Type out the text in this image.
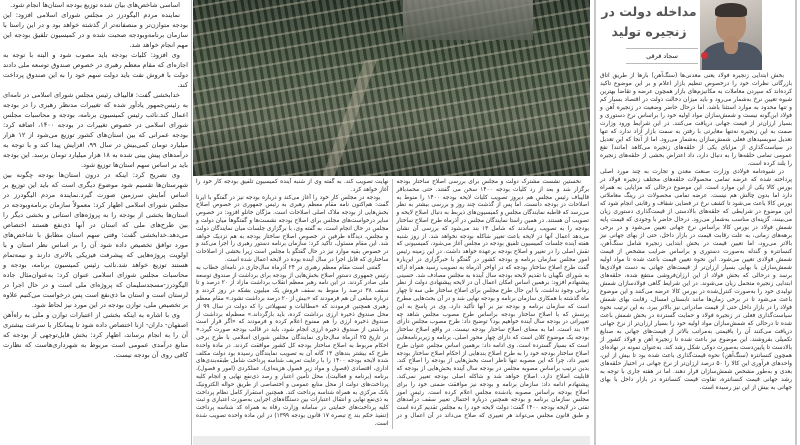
اساسی شاخص‌های بیان شده توزیع بودجه استان‌ها انجام شود.

نماینده مردم الیگودرز در مجلس شورای اسلامی افزود: این بودجه متوازن‌تر و منصفانه‌تر از گذشته خواهد بود و در این راستا با سازمان برنامه‌وبودجه صحبت شده و در کمیسیون تلفیق بودجه این مهم انجام خواهد شد.

وی افزود: کلیات بودجه باید مصوب شود و البته با توجه به اجازه‌ای که مقام معظم رهبری در خصوص صندوق توسعه ملی دادند دولت با فروش نفت باید دولت سهم خود را به این صندوق پرداخت کند.

خدابخشی گفت: قالیباف رئیس مجلس شورای اسلامی در نامه‌ای به رئیس‌جمهور یادآور شده که تغییرات مدنظر رهبری را در بودجه اعمال کند.نائب رئیس کمیسیون برنامه، بودجه و محاسبات مجلس شورای اسلامی در خصوص تغییرات در بودجه ۱۴۰۰، اضافه کرد: بودجه عمرانی که بین استان‌های کشور توزیع می‌شود از ۱۲ هزار میلیارد تومان کمی‌بیش در سال ۹۹، افزایش پیدا کند و با توجه به درآمدهای پیش بینی شده به ۱۸ هزار میلیارد تومان برسد. این بودجه باید بر اساس سهم استان‌ها توزیع شود.

وی تصریح کرد: اینکه در درون استان‌ها بودجه چگونه بین شهرستان‌ها تقسیم شود موضوع دیگری است که باید این توزیع بر اساس آمایش سرزمین صورت گیرد.نماینده مردم الیگودرز در مجلس شورای اسلامی اظهار کرد: معمولاً سازمان برنامه‌وبودجه در استان‌ها بخشی از بودجه را به پروژه‌های استانی و بخشی دیگر را بین طرح‌های ملی که استان در آنها ذی‌نفع هستند اختصاص می‌دهد.خدابخشی گفت: وقتی سهم استان مطابق با شاخص‌های مورد توافق تخصیص داده شود آن را بر اساس نظر استان و با اولویت پروژه‌هایی که پیشرفت فیزیکی بالاتری دارند و نیمه‌تمام هستند توزیع خواهد شد.نائب رئیس کمیسیون برنامه، بودجه و محاسبات مجلس شورای اسلامی عنوان کرد: به‌عنوان‌مثال جاده الیگودرز-مسجدسلیمان که پروژه‌ای ملی است و در حال اجرا در لرستان است و استان ما ذی‌نفع است پس درخواست می‌کنیم علاوه بر تخصیص ملی، توازن بودجه در این مورد نیز لحاظ شود.

وی با اشاره به اینکه بخشی از اعتبارات توازن و ملی به راه‌آهن اصفهان- داران- ازنا اختصاص داده شود تا پیمانکار با سرعت بیشتری آن را به انجام برساند، اظهار کرد: بخش قابل‌توجهی از بودجه که منابع درآمدی عمومی است مربوط به شهرداری‌هاست که نظارت کافی روی آن بودجه نیست.

نخستین نشست مشترک دولت و مجلس برای بررسی اصلاح ساختار بودجه برگزار شد و بعد از رد کلیات بودجه ۱۴۰۰ سخن می گفتند. حتی محمدباقر قالیباف رئیس مجلس هم دیروز تصویب کلیات لایحه بودجه ۱۴۰۰ را منوط به اصلاحات در بودجه دانست. اما پس از گذشت چند روز و بررسی بیشتر به نظر می‌رسد که قاطبه نمایندگان مجلس و کمیسیون‌های ذیربط به دنبال اصلاح لایحه و تصویب آن هستند. در همین راستا نمایندگان مجلس در آذرماه طرح اصلاح ساختار بودجه را به تصویب رساندند که شامل ۱۳ بند می‌شود که بررسی آن نشان می‌دهد اعمال آنها در لایحه باعث تغییر شاکله بودجه نخواهد شد. از روز شنبه هفته آینده جلسات کمیسیون تلفیق بودجه در مجلس آغاز می‌شود، کمیسیونی که نقش اصلی را در تغییر و اصلاح بودجه برعهده خواهد داشت. در این زمینه رئیس امور مجلس سازمان برنامه و بودجه کشور در گفتگو با خبرگزاری در این‌باره گفت طرح اصلاح ساختار بودجه که در اواخر آذرماه به تصویب رسید همراه ارائه به شورای نگهبان با تقدیم لایحه بودجه سال آینده به مجلس مصادف شد. حسینی پیشنهادم افزود: برهمین اساس امکان اعمال آن در لایحه پیشنهادی دولت از نظر زمانی وجود نداشت. با این حال طرح مجلس برای اصلاح ساختار طی سه تا چهار ماه گذشته با همکاری سازمان برنامه و بودجه نهایی شد و در آن بحث‌هایی مطرح است که سازمان برنامه و بودجه نیز بر آنها تأکید دارد. وی در پاسخ به این پرسش که با اصلاح ساختار بودجه براساس طرح مصوب مجلس شاهد چه تغییراتی در بودجه سال آینده خواهیم بود؟ توضیح داد: طرح مصوب مجلس دارای ۱۳ بند است، اما به معنای اصلاح ساختار بودجه نیست. در واقع اصلاح ساختار بودجه یک موضوع کلان است که دارای چهار محور اصلی، برنامه و زیربرنامه‌هایی است که بسیار گسترده است. وی ادامه داد: برهمین اساس مجلس عنوان طرح اصلاح ساختار بودجه خود را به طرح اصلاح بندهایی از احکام اصلاح ساختار بودجه تغییر داد، چرا که این مصوبه تنها ناظر است بخش‌هایی از بودجه را اصلاح کند. بدین ترتیب براساس مصوبه مجلس در بودجه سال آینده بخش‌هایی از بودجه که قابلیت اصلاح دارد، اصلاح خواهد شد و شاکله اصلی بودجه تغییر نمی‌کند. پیشنهادم ادامه داد: سازمان برنامه و بودجه نیز موافقت ضمنی خود را برای اصلاح بودجه براساس مصوبه یادشده مجلس اعلام کرده است. رئیس امور مجلس سازمان برنامه و بودجه همچنین درباره احتمال تغییر سقف درآمدهای نفتی در لایحه بودجه ۱۴۰۰ گفت: دولت لایحه خود را به مجلس تقدیم کرده است و طبق قانون مجلس می‌تواند هر تغییری که صلاح می‌داند در آن اعمال و در نهایت تصویب کند. به گفته وی از شنبه آینده کمیسیون تلفیق بودجه کار خود را آغاز خواهد کرد.

بودجه در مجلس کار خود را آغاز می‌کند و درباره بودجه نیز در گفتگو با ایرنا گفت: هم‌اکنون نامه مقام معظم رهبری به رئیس جمهوری در خصوص اصلاح بخش‌هایی از بودجه ملاک اصلی اصلاحات است. مژگان خانلو افزود: در خصوص سایر درخواست‌های مجلس برای اصلاح بودجه نشست‌ها و گفتگوها میان دولت و مجلس در حال انجام است. به گفته وی، با برگزاری جلسات میان نمایندگان دولت و مجلس، دیدگاه طرفین در خصوص اصلاح ساختار بودجه به هم نزدیک خواهد شد. این مقام مسئول، تأکید کرد: سازمان برنامه دستور رهبری را اجرا می‌کند و در خصوص بقیه موارد نیز در حال گفتگو با مجلس است زیرا بخشی از اصلاحات ساختاری که قابل اجرا در سال آینده بوده در لایحه اعمال شده است.

گفتنی است مقام معظم رهبری در ۲۴ آذرماه سال‌جاری در نامه‌ای خطاب به رئیس جمهوری دستور اصلاح بخش‌هایی از بودجه برای برداشت از صندوق توسعه ملی صادر کردند. در این نامه رهبر معظم انقلاب برداشت مازاد از ۲۰ درصد و تا سقف ۳۸ درصد را منوط به سقف فروش یک میلیون بشکه در روز کردند و درباره مبلغی آن هم فرمودند که «بیش از ۲۰ درصد برداشت نشود.» مقام معظم رهبری همچنین فرمودند که «مطالبات و تسهیلاتی را که دولت در سال ۹۹ از محل صندوق ذخیره ارزی برداشت کرده، باید بازگرداند.» معظم‌له برداشت از صندوق ذخیره ارزی را هم ممنوع اعلام کرده و فرمودند که «اگر قرار است برداشتی از صندوق ذخیره ارزی انجام شود، باید در قالب بودجه صورت گیرد.» در تاریخ ۲۵ آذرماه سال‌جاری نمایندگان مجلس شورای اسلامی با طرح برخی احکام مربوط به اصلاح ساختار بودجه کل کشور موافقت کردند. در ماده واحده طرح که بیشتر بندهای ۱۳ گانه آن به تصویب نمایندگان رسیده بود دولت مکلف شده لایحه بودجه ۱۴۰۰ را با رعایت تعریف شناسه پرداخت شامل طبقه‌بندی‌های اداری، اقتصادی (فصول و مواد زیر فصول هزینه‌ای)، عملکردی (امور و فصول)، برنامه (برنامه و فعالیت)، محل تأمین اعتبار و رصد ذی‌نفع نهایی و انجام کلیه پرداخت‌های دولت از محل منابع عمومی و اختصاصی از طریق حواله الکترونیک بانک مرکزی به همراه شناسه پرداخت کند. همچنین استقرار کامل نظام پرداخت به ذی‌نفع نهایی و انتقال اعتبارات بین دستگاه‌های اجرایی به‌صورت اعتباری و ثبت کلیه پرداخت‌های حمایتی در سامانه وزارت رفاه به همراه کد شناسه پرداخت (تنفیذ حکم بند ج تبصره ۱۷ قانون بودجه ۱۳۹۹) در این ماده واحده تصویب شده است.

مداخله دولت در زنجیره تولید
سجاد قرقی

بخش ابتدایی زنجیره فولاد یعنی معدنی‌ها (سنگ‌آهن) بارها از طریق اتاق بازرگانی نظرات خود را درخصوص تنظیم بازار اعلام و بر این موضوع تاکید کرده‌اند که سپردن معاملات به مکانیزم‌های بازار همچون عرضه و تقاضا بهترین شیوه تعیین نرخ به‌شمار می‌رود و باید میزان دخالت دولت در اقتصاد بسیار کم و تنها محدود به موارد استثنا باشد. اما درحال حاضر وضعیت در زنجیره آهن و فولاد این‌گونه نیست و شمش‌سازان مواد اولیه خود را براساس نرخ دستوری و بسیار ارزان‌تر از قیمت جهانی دریافت می‌کنند. در این شرایط ورود وزارت صمت به این زنجیره نه‌تنها مغایرتی با رفتن به سمت بازار آزاد ندارد که تنها تعدیل سوبسیدهای فعلی شمش‌سازان به‌شمار می‌رود. اما از آنجا که این تعدیل در سیاست‌گذاری از مزایای یکی از حلقه‌های زنجیره می‌کاهد (مانند) نفع عمومی تمامی حلقه‌ها را به دنبال دارد، داد اعتراض بخشی از حلقه‌های زنجیره را بلند کرده است.

در شیوه‌نامه فولادی وزارت صنعت معدن و تجارت به چند مورد اصلی پرداخته شده که عرضه تمامی محصولات حلقه‌های مختلف زنجیره فولاد در بورس کالا یکی از این موارد است. این موضوع درحالی که مزایایی به همراه دارد اما بدون چالش هم نیست. عرضه تمامی محصولات در رینگ معاملاتی بورس کالا باعث می‌شود تا کشف نرخ در فضایی شفاف و رقابتی انجام شود که این موضوع در شرایطی که حلقه‌های بالادستی از قیمت‌گذاری دستوری زیان می‌بینند، گزینه‌ای مناسب به‌شمار می‌رود. درحال حاضر با وجودی که قیمت پایه شمش فولاد در بورس کالا براساس نرخ جهانی تعیین می‌شود و در برخی برهه‌های زمانی، به علت رقابت قیمت در بازار داخل، حتی از بهای جهانی نیز بالاتر می‌رود، اما تعیین قیمت در بخش ابتدایی زنجیره شامل سنگ‌آهن، کنسانتره و گندله به‌صورت دستوری و براساس ضرایب مشخص از قیمت شمش فولادی تعیین می‌شود. این نحوه تعیین قیمت باعث شده تا مواد اولیه شمش‌سازان با بهایی بسیار ارزان‌تر از قیمت‌های جهانی به دست فولادی‌ها برسد و درحالی که بخش فولاد از این ارزان‌فروشی منتفع شده، حلقه‌های ابتدایی زنجیره متحمل زیان می‌شوند. در این شرایط گاهی فولادسازان شمش تولیدی خود را به‌صورت کنترل‌شده در بورس کالا عرضه می‌کنند و این موضوع باعث می‌شود تا در برخی زمان‌ها مانند تابستان امسال، رقابت بهای شمش فولاد را در بازار داخل حتی از قیمت صادراتی نیز بالاتر ببرد. به این ترتیب نحوه سیاست‌گذاری فعلی در زنجیره فولاد و حمایت گسترده در بخش شمش باعث شده تا درحالی که شمش‌سازان مواد اولیه خود را بسیار ارزان‌تر از نرخ جهانی دریافت می‌کنند آن را باقیمتی به‌مراتب بالاتر از قیمت‌های جهانی به صنایع تکمیلی بفروشند. این موضوع نیز باعث شده تا زنجیره آهن و فولاد کشور از بالادست تا پایین‌دست به‌صورت دوکی شکل رشد کند. به‌عنوان نمونه در نهاده‌ای همچون کنسانتره (سنگ‌آهن) نحوه قیمت‌گذاری باعث شده بود تا بیش از این، واحدهای فرآوری این کالا را ۵۰ درصد ارزان‌تر از نرخ جهانی در اختیار حلقه‌های بعدی و به‌طور مشخص شمش‌سازان قرار دهند. اما در هفته جاری با توجه به رشد جهانی قیمت کنسانتره، تفاوت قیمت کنسانتره در بازار داخل با بهای جهانی به بیش از این نیز رسیده است.
